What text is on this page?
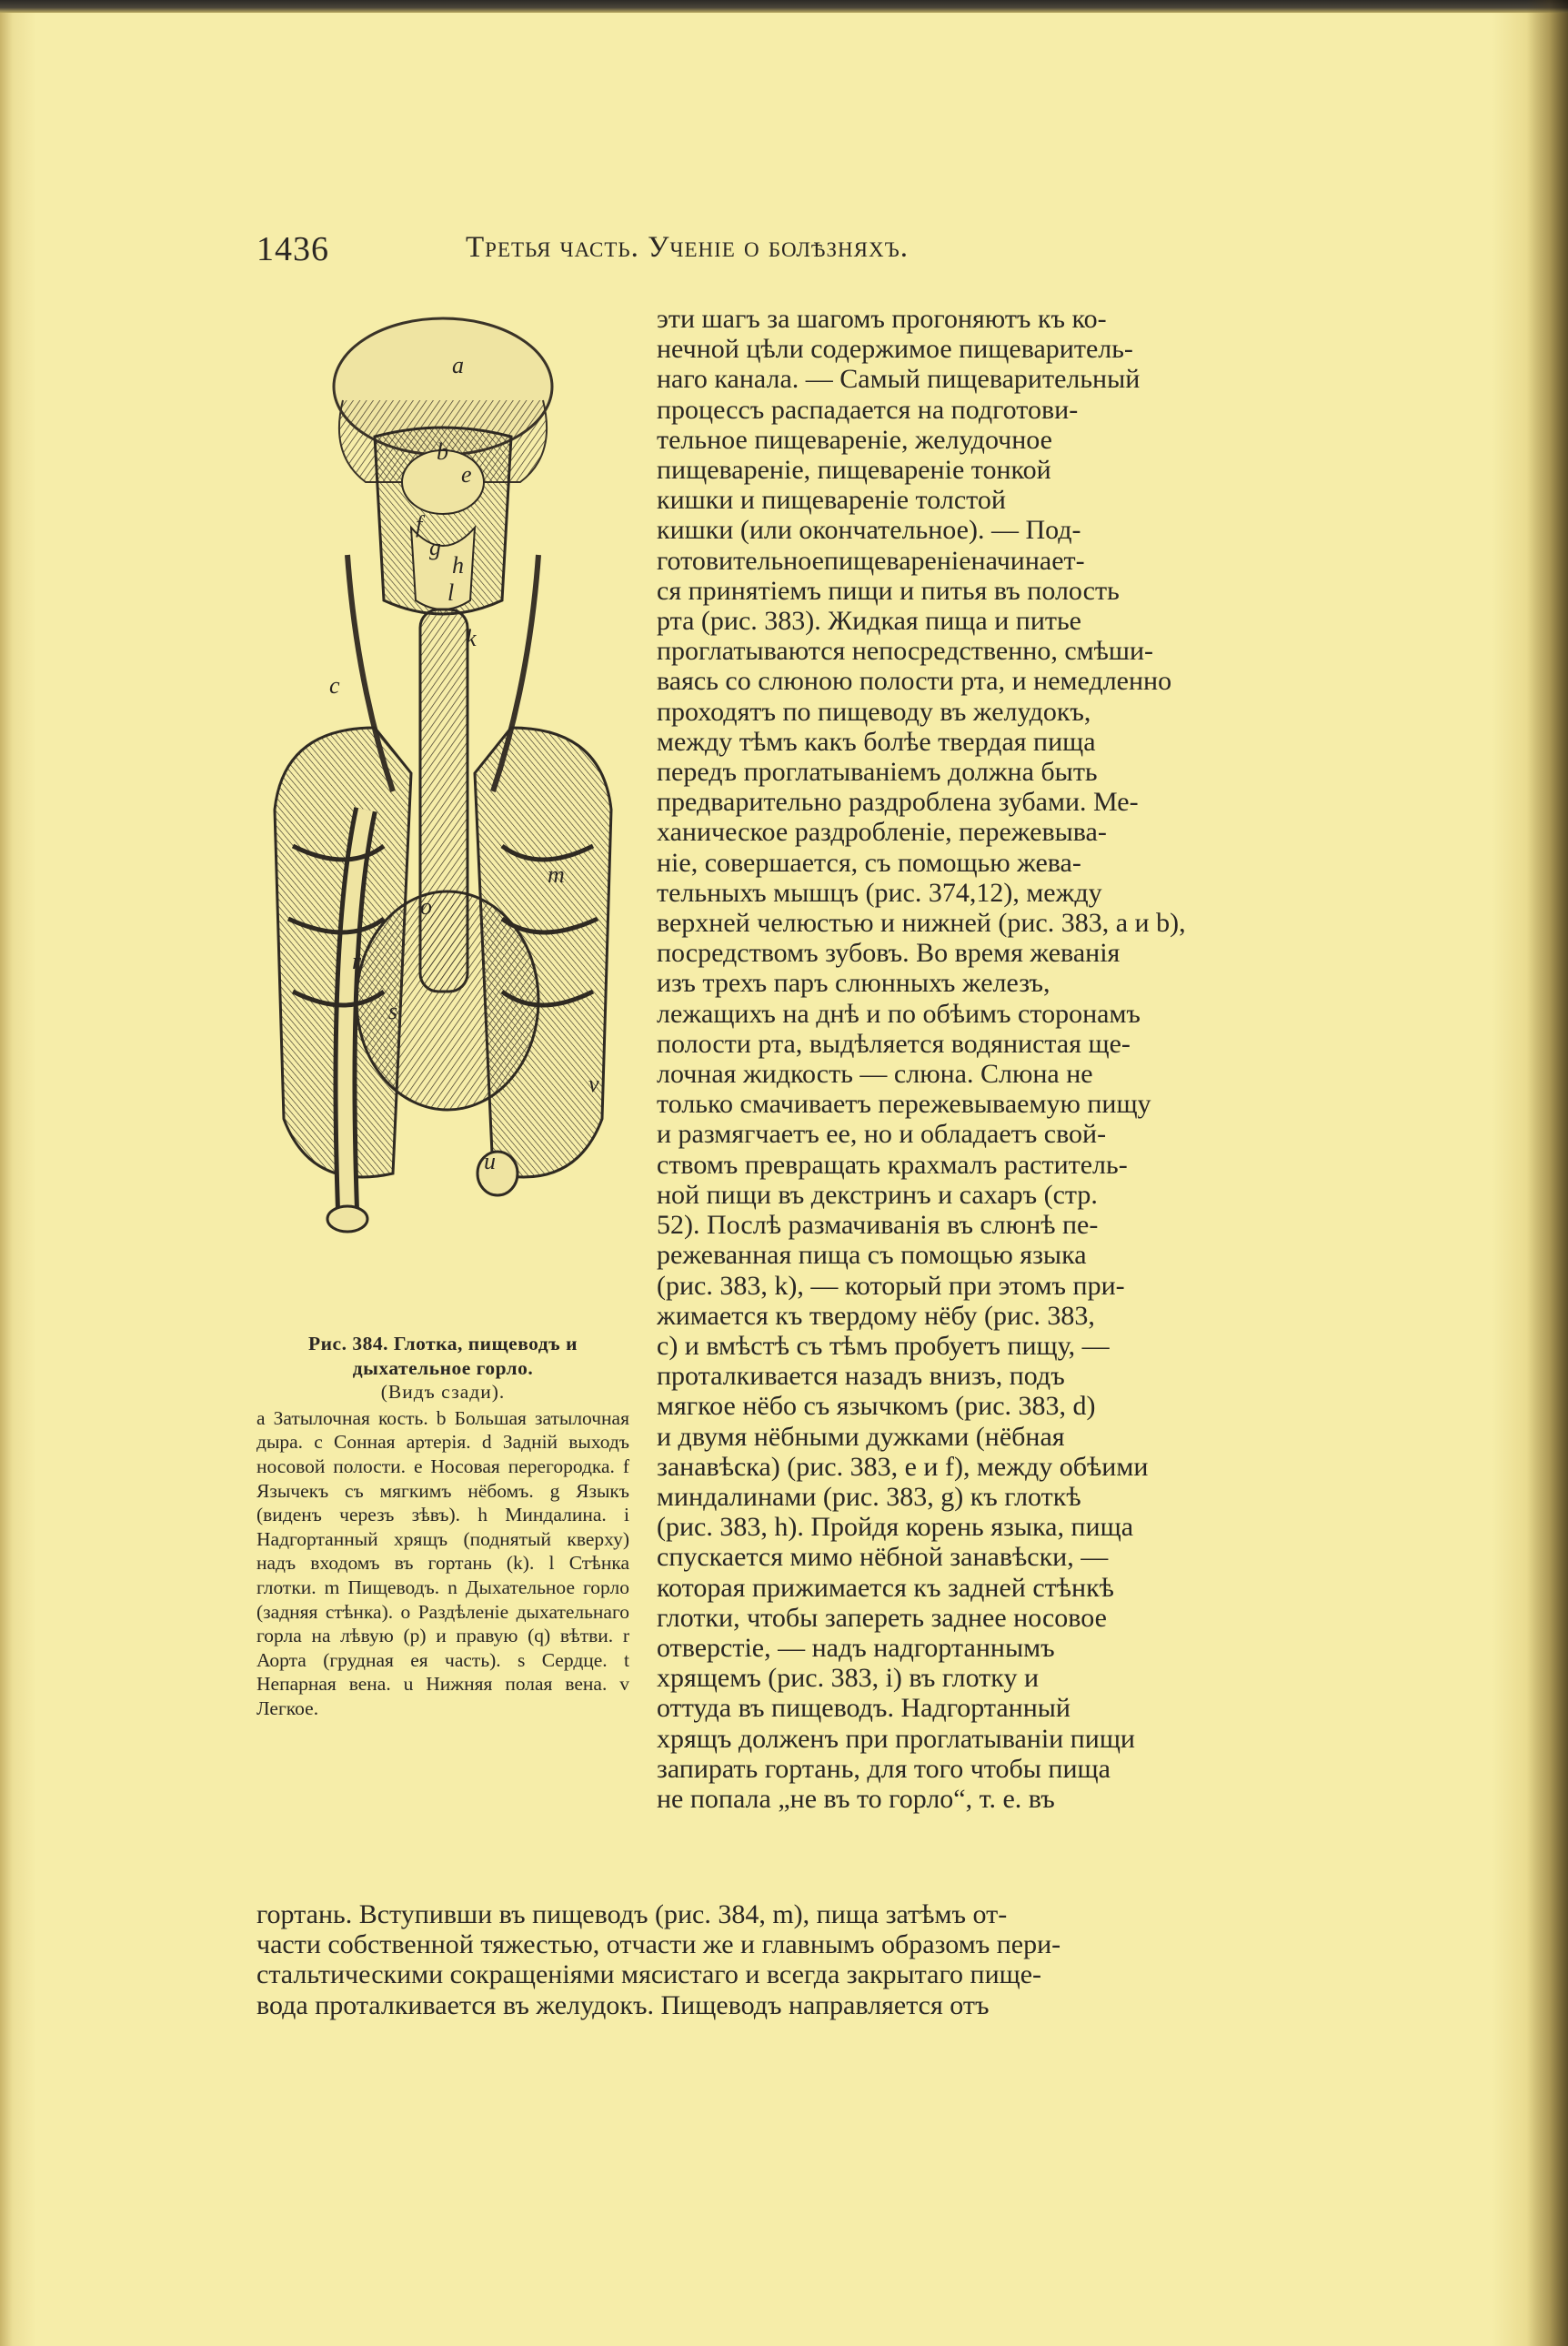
1436	Третья часть. Ученіе о болѣзняхъ.
a
b
c
e
f
g
h
k
l
m
o
r
s
u
v
Рис. 384. Глотка, пищеводъ и дыхательное горло.
(Видъ сзади).
a Затылочная кость. b Большая затылочная дыра. c Сонная артерія. d Заднiй выходъ носовой полости. e Носовая перегородка. f Язычекъ съ мягкимъ нёбомъ. g Языкъ (виденъ черезъ зѣвъ). h Миндалина. i Надгортанный хрящъ (поднятый кверху) надъ входомъ въ гортань (k). l Стѣнка глотки. m Пищеводъ. n Дыхательное горло (задняя стѣнка). o Раздѣленіе дыхательнаго горла на лѣвую (p) и правую (q) вѣтви. r Аорта (грудная ея часть). s Сердце. t Непарная вена. u Нижняя полая вена. v Легкое.
эти шагъ за шагомъ прогоняютъ къ ко-
нечной цѣли содержимое пищеваритель-
наго канала. — Самый пищеварительный
процессъ распадается на подготови-
тельное пищевареніе, желудочное
пищевареніе, пищевареніе тонкой
кишки и пищевареніе толстой
кишки (или окончательное). — Под-
готовительноепищевареніеначинает-
ся принятіемъ пищи и питья въ полость
рта (рис. 383). Жидкая пища и питье
проглатываются непосредственно, смѣши-
ваясь со слюною полости рта, и немедленно
проходятъ по пищеводу въ желудокъ,
между тѣмъ какъ болѣе твердая пища
передъ проглатываніемъ должна быть
предварительно раздроблена зубами. Ме-
ханическое раздробленіе, пережевыва-
ніе, совершается, съ помощью жева-
тельныхъ мышцъ (рис. 374,12), между
верхней челюстью и нижней (рис. 383, a и b),
посредствомъ зубовъ. Во время жеванія
изъ трехъ паръ слюнныхъ железъ,
лежащихъ на днѣ и по обѣимъ сторонамъ
полости рта, выдѣляется водянистая ще-
лочная жидкость — слюна. Слюна не
только смачиваетъ пережевываемую пищу
и размягчаетъ ее, но и обладаетъ свой-
ствомъ превращать крахмалъ раститель-
ной пищи въ декстринъ и сахаръ (стр.
52). Послѣ размачиванія въ слюнѣ пе-
режеванная пища съ помощью языка
(рис. 383, k), — который при этомъ при-
жимается къ твердому нёбу (рис. 383,
c) и вмѣстѣ съ тѣмъ пробуетъ пищу, —
проталкивается назадъ внизъ, подъ
мягкое нёбо съ язычкомъ (рис. 383, d)
и двумя нёбными дужками (нёбная
занавѣска) (рис. 383, e и f), между обѣими
миндалинами (рис. 383, g) къ глоткѣ
(рис. 383, h). Пройдя корень языка, пища
спускается мимо нёбной занавѣски, —
которая прижимается къ задней стѣнкѣ
глотки, чтобы запереть заднее носовое
отверстіе, — надъ надгортаннымъ
хрящемъ (рис. 383, i) въ глотку и
оттуда въ пищеводъ. Надгортанный
хрящъ долженъ при проглатываніи пищи
запирать гортань, для того чтобы пища
не попала „не въ то горло“, т. е. въ
гортань. Вступивши въ пищеводъ (рис. 384, m), пища затѣмъ от-
части собственной тяжестью, отчасти же и главнымъ образомъ пери-
стальтическими сокращеніями мясистаго и всегда закрытаго пище-
вода проталкивается въ желудокъ. Пищеводъ направляется отъ
